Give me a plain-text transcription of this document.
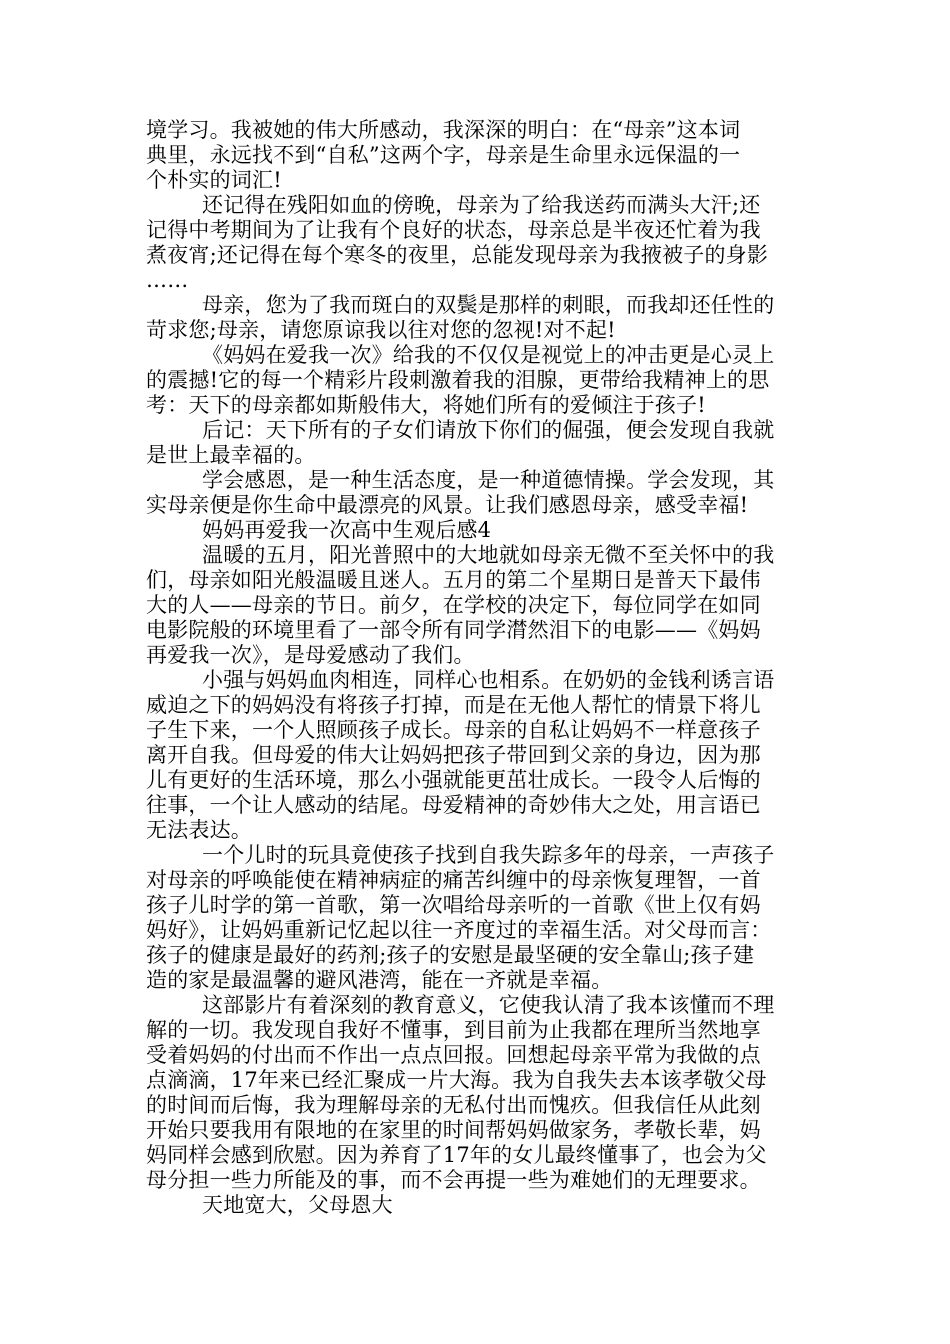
境学习。我被她的伟大所感动，我深深的明白：在“母亲”这本词
典里，永远找不到“自私”这两个字，母亲是生命里永远保温的一
个朴实的词汇!
还记得在残阳如血的傍晚，母亲为了给我送药而满头大汗;还
记得中考期间为了让我有个良好的状态，母亲总是半夜还忙着为我
煮夜宵;还记得在每个寒冬的夜里，总能发现母亲为我掖被子的身影
……
母亲，您为了我而斑白的双鬓是那样的刺眼，而我却还任性的
苛求您;母亲，请您原谅我以往对您的忽视!对不起!
《妈妈在爱我一次》给我的不仅仅是视觉上的冲击更是心灵上
的震撼!它的每一个精彩片段刺激着我的泪腺，更带给我精神上的思
考：天下的母亲都如斯般伟大，将她们所有的爱倾注于孩子!
后记：天下所有的子女们请放下你们的倔强，便会发现自我就
是世上最幸福的。
学会感恩，是一种生活态度，是一种道德情操。学会发现，其
实母亲便是你生命中最漂亮的风景。让我们感恩母亲，感受幸福!
妈妈再爱我一次高中生观后感4
温暖的五月，阳光普照中的大地就如母亲无微不至关怀中的我
们，母亲如阳光般温暖且迷人。五月的第二个星期日是普天下最伟
大的人——母亲的节日。前夕，在学校的决定下，每位同学在如同
电影院般的环境里看了一部令所有同学潸然泪下的电影——《妈妈
再爱我一次》，是母爱感动了我们。
小强与妈妈血肉相连，同样心也相系。在奶奶的金钱利诱言语
威迫之下的妈妈没有将孩子打掉，而是在无他人帮忙的情景下将儿
子生下来，一个人照顾孩子成长。母亲的自私让妈妈不一样意孩子
离开自我。但母爱的伟大让妈妈把孩子带回到父亲的身边，因为那
儿有更好的生活环境，那么小强就能更茁壮成长。一段令人后悔的
往事，一个让人感动的结尾。母爱精神的奇妙伟大之处，用言语已
无法表达。
一个儿时的玩具竟使孩子找到自我失踪多年的母亲，一声孩子
对母亲的呼唤能使在精神病症的痛苦纠缠中的母亲恢复理智，一首
孩子儿时学的第一首歌，第一次唱给母亲听的一首歌《世上仅有妈
妈好》，让妈妈重新记忆起以往一齐度过的幸福生活。对父母而言：
孩子的健康是最好的药剂;孩子的安慰是最坚硬的安全靠山;孩子建
造的家是最温馨的避风港湾，能在一齐就是幸福。
这部影片有着深刻的教育意义，它使我认清了我本该懂而不理
解的一切。我发现自我好不懂事，到目前为止我都在理所当然地享
受着妈妈的付出而不作出一点点回报。回想起母亲平常为我做的点
点滴滴，17年来已经汇聚成一片大海。我为自我失去本该孝敬父母
的时间而后悔，我为理解母亲的无私付出而愧疚。但我信任从此刻
开始只要我用有限地的在家里的时间帮妈妈做家务，孝敬长辈，妈
妈同样会感到欣慰。因为养育了17年的女儿最终懂事了，也会为父
母分担一些力所能及的事，而不会再提一些为难她们的无理要求。
天地宽大，父母恩大
